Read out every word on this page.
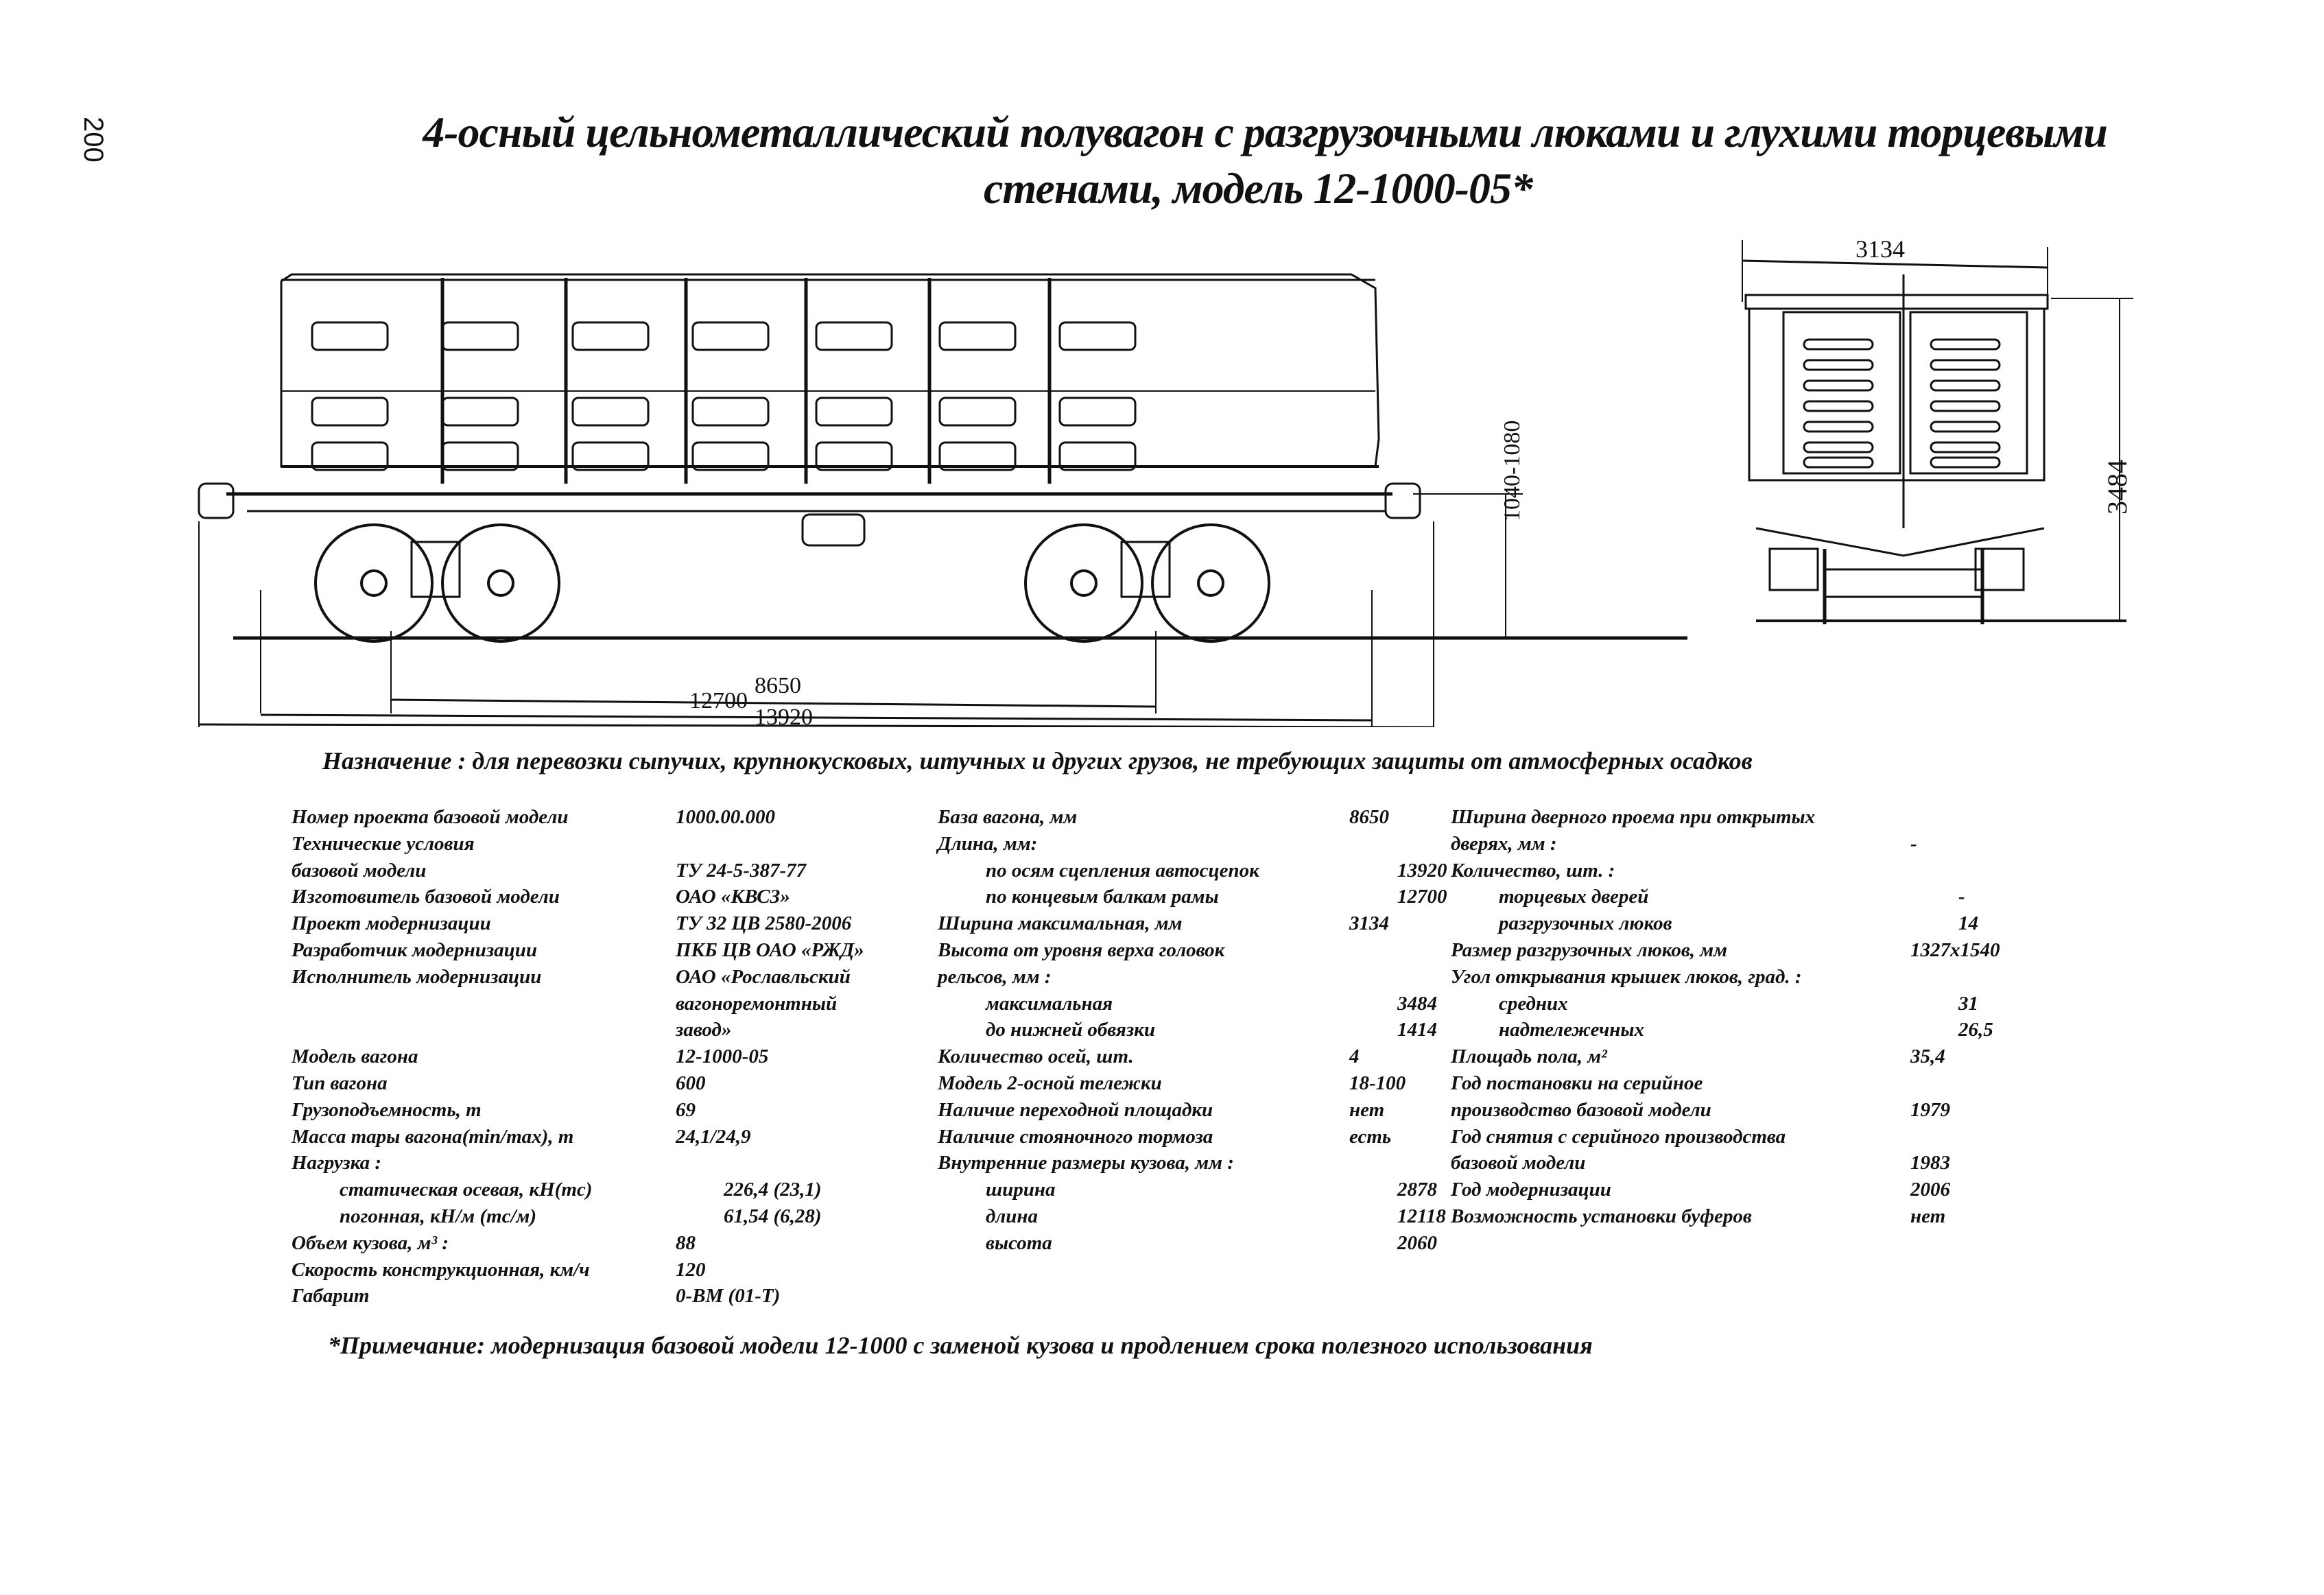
200	4-осный цельнометаллический полувагон с разгрузочными люками и глухими торцевыми
стенами, модель 12-1000-05*
8650
12700
13920
1040-1080
3134
3484
Назначение : для перевозки сыпучих, крупнокусковых, штучных и других грузов, не требующих защиты от атмосферных осадков
Номер проекта базовой модели	1000.00.000
Технические условия
базовой модели	ТУ 24-5-387-77
Изготовитель базовой модели	ОАО «КВСЗ»
Проект модернизации	ТУ 32 ЦВ 2580-2006
Разработчик модернизации	ПКБ ЦВ ОАО «РЖД»
Исполнитель модернизации	ОАО «Рославльский
вагоноремонтный
завод»
Модель вагона	12-1000-05
Тип вагона	600
Грузоподъемность, т	69
Масса тары вагона(min/max), т	24,1/24,9
Нагрузка :
статическая осевая, кН(тс)	226,4 (23,1)
погонная, кН/м (тс/м)	61,54 (6,28)
Объем кузова, м³ :	88
Скорость конструкционная, км/ч	120
Габарит	0-ВМ (01-Т)
База вагона, мм	8650
Длина, мм:
по осям сцепления автосцепок	13920
по концевым балкам рамы	12700
Ширина максимальная, мм	3134
Высота от уровня верха головок
рельсов, мм :
максимальная	3484
до нижней обвязки	1414
Количество осей, шт.	4
Модель 2-осной тележки	18-100
Наличие переходной площадки	нет
Наличие стояночного тормоза	есть
Внутренние размеры кузова, мм :
ширина	2878
длина	12118
высота	2060
Ширина дверного проема при открытых
дверях, мм :	-
Количество, шт. :
торцевых дверей	-
разгрузочных люков	14
Размер разгрузочных люков, мм	1327х1540
Угол открывания крышек люков, град. :
средних	31
надтележечных	26,5
Площадь пола, м²	35,4
Год постановки на серийное
производство базовой модели	1979
Год снятия с серийного производства
базовой модели	1983
Год модернизации	2006
Возможность установки буферов	нет
*Примечание: модернизация базовой модели 12-1000 с заменой кузова и продлением срока полезного использования
